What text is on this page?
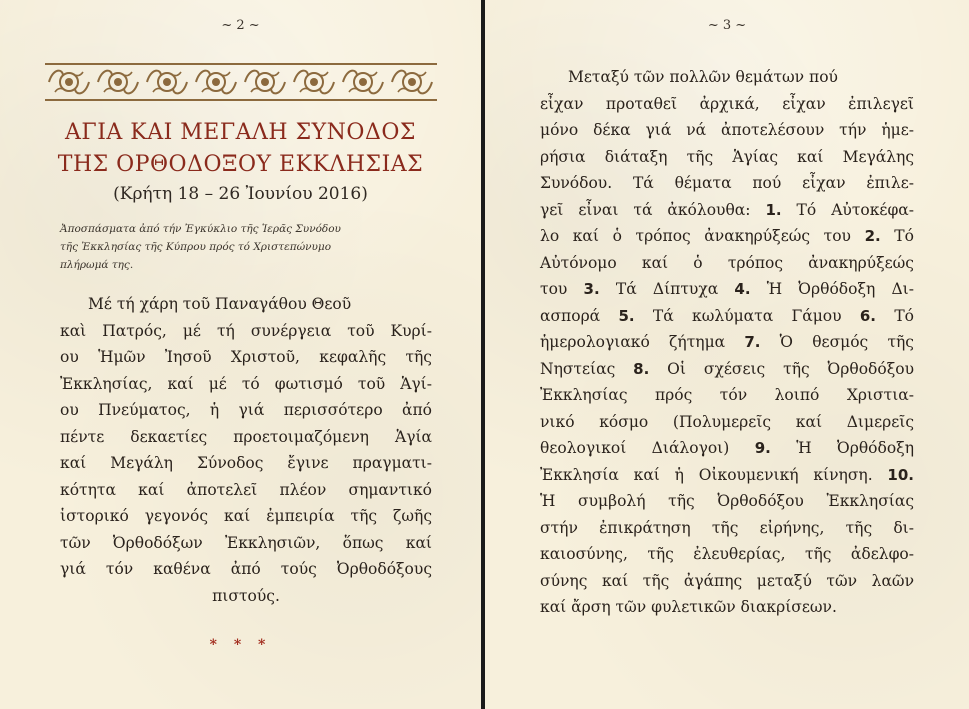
~ 2 ~
ΑΓΙΑ ΚΑΙ ΜΕΓΑΛΗ ΣΥΝΟΔΟΣ
ΤΗΣ ΟΡΘΟΔΟΞΟΥ ΕΚΚΛΗΣΙΑΣ
(Κρήτη 18 – 26 Ἰουνίου 2016)
Ἀποσπάσματα ἀπό τήν Ἐγκύκλιο τῆς Ἱερᾶς Συνόδου
τῆς Ἐκκλησίας τῆς Κύπρου πρός τό Χριστεπώνυμο
πλήρωμά της.
Μέ τή χάρη τοῦ Παναγάθου Θεοῦ
καὶ Πατρός, μέ τή συνέργεια τοῦ Κυρί-
ου Ἡμῶν Ἰησοῦ Χριστοῦ, κεφαλῆς τῆς
Ἐκκλησίας, καί μέ τό φωτισμό τοῦ Ἁγί-
ου Πνεύματος, ἡ γιά περισσότερο ἀπό
πέντε δεκαετίες προετοιμαζόμενη Ἁγία
καί Μεγάλη Σύνοδος ἔγινε πραγματι-
κότητα καί ἀποτελεῖ πλέον σημαντικό
ἱστορικό γεγονός καί ἐμπειρία τῆς ζωῆς
τῶν Ὀρθοδόξων Ἐκκλησιῶν, ὅπως καί
γιά τόν καθένα ἀπό τούς Ὀρθοδόξους
πιστούς.
* * *
~ 3 ~
Μεταξύ τῶν πολλῶν θεμάτων πού
εἶχαν προταθεῖ ἀρχικά, εἶχαν ἐπιλεγεῖ
μόνο δέκα γιά νά ἀποτελέσουν τήν ἡμε-
ρήσια διάταξη τῆς Ἁγίας καί Μεγάλης
Συνόδου. Τά θέματα πού εἶχαν ἐπιλε-
γεῖ εἶναι τά ἀκόλουθα: 1. Τό Αὐτοκέφα-
λο καί ὁ τρόπος ἀνακηρύξεώς του 2. Τό
Αὐτόνομο καί ὁ τρόπος ἀνακηρύξεώς
του 3. Τά Δίπτυχα 4. Ἡ Ὀρθόδοξη Δι-
ασπορά 5. Τά κωλύματα Γάμου 6. Τό
ἡμερολογιακό ζήτημα 7. Ὁ θεσμός τῆς
Νηστείας 8. Οἱ σχέσεις τῆς Ὀρθοδόξου
Ἐκκλησίας πρός τόν λοιπό Χριστια-
νικό κόσμο (Πολυμερεῖς καί Διμερεῖς
θεολογικοί Διάλογοι) 9. Ἡ Ὀρθόδοξη
Ἐκκλησία καί ἡ Οἰκουμενική κίνηση. 10.
Ἡ συμβολή τῆς Ὀρθοδόξου Ἐκκλησίας
στήν ἐπικράτηση τῆς εἰρήνης, τῆς δι-
καιοσύνης, τῆς ἐλευθερίας, τῆς ἀδελφο-
σύνης καί τῆς ἀγάπης μεταξύ τῶν λαῶν
καί ἄρση τῶν φυλετικῶν διακρίσεων.
